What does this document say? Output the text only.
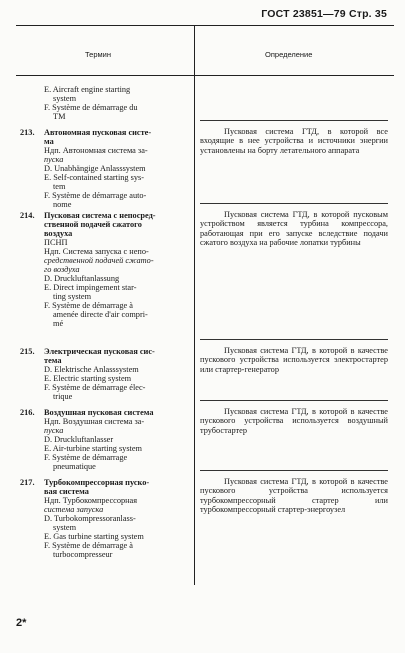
ГОСТ 23851—79 Стр. 35
Термин	Определение
E. Aircraft engine starting
system
F. Système de démarrage du
TM
213.	Автономная пусковая систе-
ма
Ндп. Автономная система за-
пуска
D. Unabhängige Anlasssystem
E. Self-contained starting sys-
tem
F. Système de démarrage auto-
nome
Пусковая система ГТД, в которой все входящие в нее устройства и источники энергии установлены на борту летательного аппарата
214.	Пусковая система с непосред-
ственной подачей сжатого
воздуха
ПСНП
Ндп. Система запуска с непо-
средственной подачей сжато-
го воздуха
D. Druckluftanlassung
E. Direct impingement star-
ting system
F. Système de démarrage à
amenée directe d'air compri-
mé
Пусковая система ГТД, в которой пусковым устройством является турбина компрессора, работающая при его запуске вследствие подачи сжатого воздуха на рабочие лопатки турбины
215.	Электрическая пусковая сис-
тема
D. Elektrische Anlasssystem
E. Electric starting system
F. Système de démarrage élec-
trique
Пусковая система ГТД, в которой в качестве пускового устройства используется электростартер или стартер-генератор
216.	Воздушная пусковая система
Ндп. Воздушная система за-
пуска
D. Druckluftanlasser
E. Air-turbine starting system
F. Système de démarrage
pneumatique
Пусковая система ГТД, в которой в качестве пускового устройства используется воздушный трубостартер
217.	Турбокомпрессорная пуско-
вая система
Ндп. Турбокомпрессорная
система запуска
D. Turbokompressoranlass-
system
E. Gas turbine starting system
F. Système de démarrage à
turbocompresseur
Пусковая система ГТД, в которой в качестве пускового устройства используется турбокомпрессорный стартер или турбокомпрессорный стартер-энергоузел
2*
